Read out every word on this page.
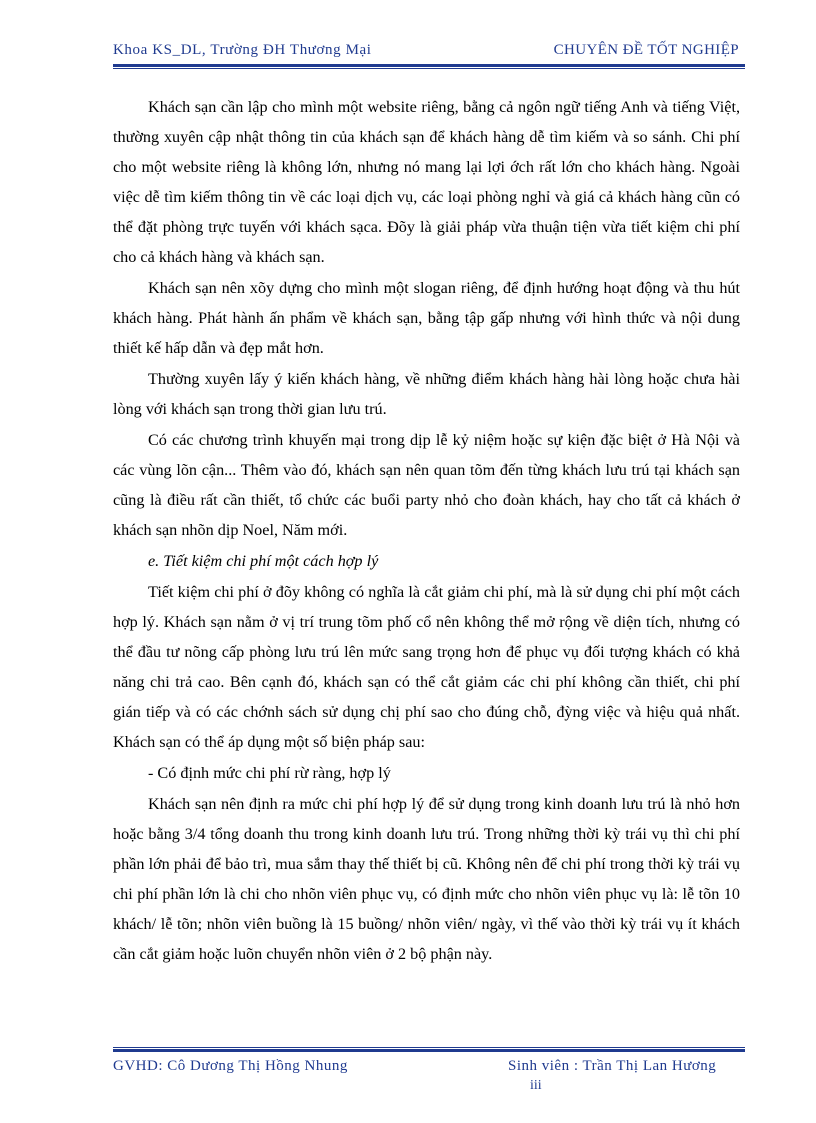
Khoa KS_DL, Trường ĐH Thương Mại	CHUYÊN ĐỀ TỐT NGHIỆP

Khách sạn cần lập cho mình một website riêng, bằng cả ngôn ngữ tiếng Anh và tiếng Việt, thường xuyên cập nhật thông tin của khách sạn để khách hàng dễ tìm kiếm và so sánh. Chi phí cho một website riêng là không lớn, nhưng nó mang lại lợi ớch rất lớn cho khách hàng. Ngoài việc dễ tìm kiếm thông tin về các loại dịch vụ, các loại phòng nghỉ và giá cả khách hàng cũn có thể đặt phòng trực tuyến với khách sạca. Đõy là giải pháp vừa thuận tiện vừa tiết kiệm chi phí cho cả khách hàng và khách sạn.

Khách sạn nên xõy dựng cho mình một slogan riêng, để định hướng hoạt động và thu hút khách hàng. Phát hành ấn phẩm về khách sạn, bằng tập gấp nhưng với hình thức và nội dung thiết kế hấp dẫn và đẹp mắt hơn.

Thường xuyên lấy ý kiến khách hàng, về những điểm khách hàng hài lòng hoặc chưa hài lòng với khách sạn trong thời gian lưu trú.

Có các chương trình khuyến mại trong dịp lễ kỷ niệm hoặc sự kiện đặc biệt ở Hà Nội và các vùng lõn cận... Thêm vào đó, khách sạn nên quan tõm đến từng khách lưu trú tại khách sạn cũng là điều rất cần thiết, tổ chức các buổi party nhỏ cho đoàn khách, hay cho tất cả khách ở khách sạn nhõn dịp Noel, Năm mới.

e. Tiết kiệm chi phí một cách hợp lý

Tiết kiệm chi phí ở đõy không có nghĩa là cắt giảm chi phí, mà là sử dụng chi phí một cách hợp lý. Khách sạn nằm ở vị trí trung tõm phố cổ nên không thể mở rộng về diện tích, nhưng có thể đầu tư nõng cấp phòng lưu trú lên mức sang trọng hơn để phục vụ đối tượng khách có khả năng chi trả cao. Bên cạnh đó, khách sạn có thể cắt giảm các chi phí không cần thiết, chi phí gián tiếp và có các chớnh sách sử dụng chị phí sao cho đúng chỗ, đỳng việc và hiệu quả nhất. Khách sạn có thể áp dụng một số biện pháp sau:

- Có định mức chi phí rừ ràng, hợp lý

Khách sạn nên định ra mức chi phí hợp lý để sử dụng trong kinh doanh lưu trú là nhỏ hơn hoặc bằng 3/4 tổng doanh thu trong kinh doanh lưu trú. Trong những thời kỳ trái vụ thì chi phí phần lớn phải để bảo trì, mua sắm thay thế thiết bị cũ. Không nên để chi phí trong thời kỳ trái vụ chi phí phần lớn là chi cho nhõn viên phục vụ, có định mức cho nhõn viên phục vụ là: lễ tõn 10 khách/ lễ tõn; nhõn viên buồng là 15 buồng/ nhõn viên/ ngày, vì thế vào thời kỳ trái vụ ít khách cần cắt giảm hoặc luõn chuyển nhõn viên ở 2 bộ phận này.

GVHD: Cô Dương Thị Hồng Nhung	Sinh viên : Trần Thị Lan Hương
iii
